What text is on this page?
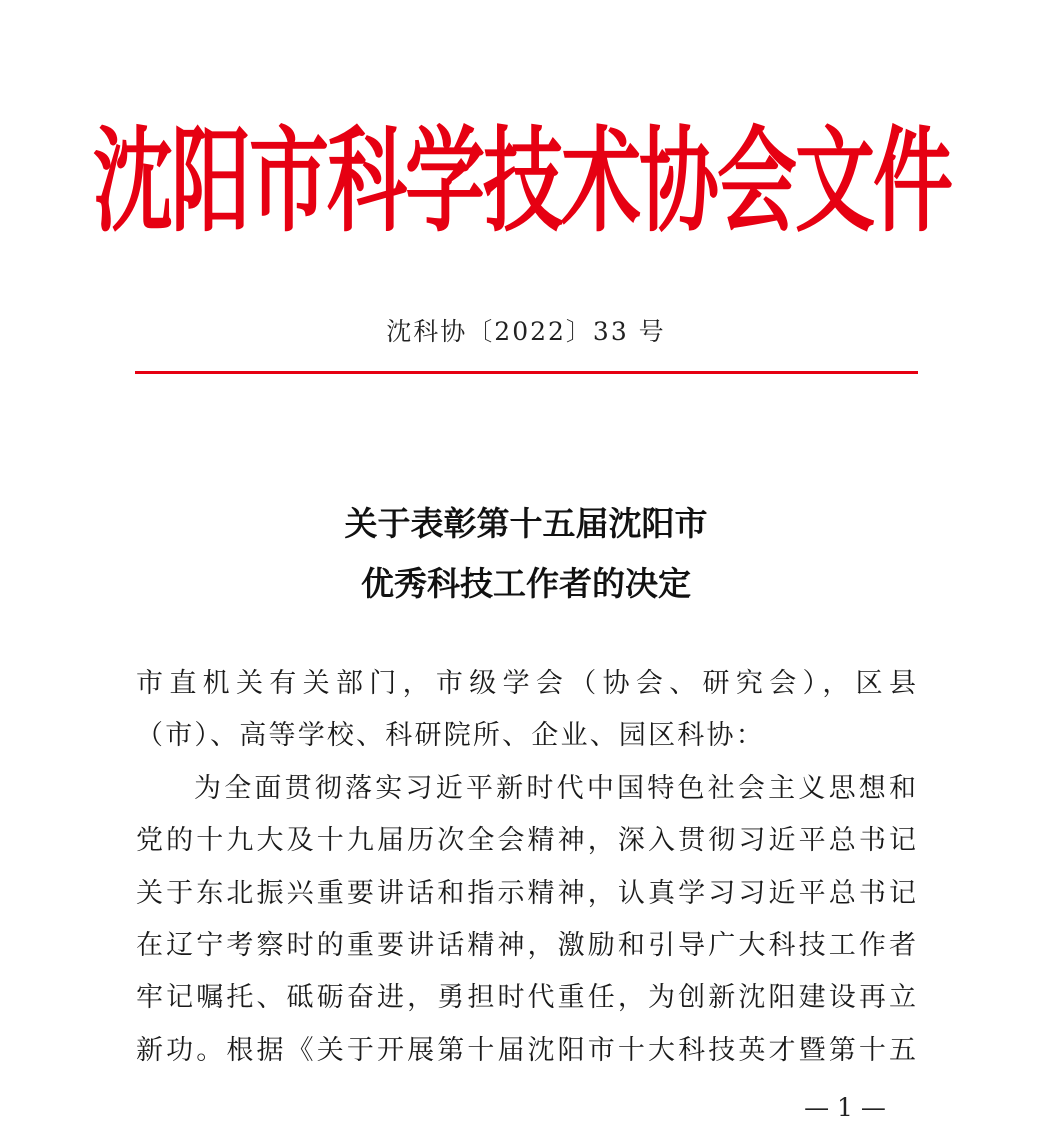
沈阳市科学技术协会文件
沈科协〔2022〕33 号
关于表彰第十五届沈阳市
优秀科技工作者的决定
市直机关有关部门，市级学会（协会、研究会），区县
（市）、高等学校、科研院所、企业、园区科协：
为全面贯彻落实习近平新时代中国特色社会主义思想和
党的十九大及十九届历次全会精神，深入贯彻习近平总书记
关于东北振兴重要讲话和指示精神，认真学习习近平总书记
在辽宁考察时的重要讲话精神，激励和引导广大科技工作者
牢记嘱托、砥砺奋进，勇担时代重任，为创新沈阳建设再立
新功。根据《关于开展第十届沈阳市十大科技英才暨第十五
— 1 —
